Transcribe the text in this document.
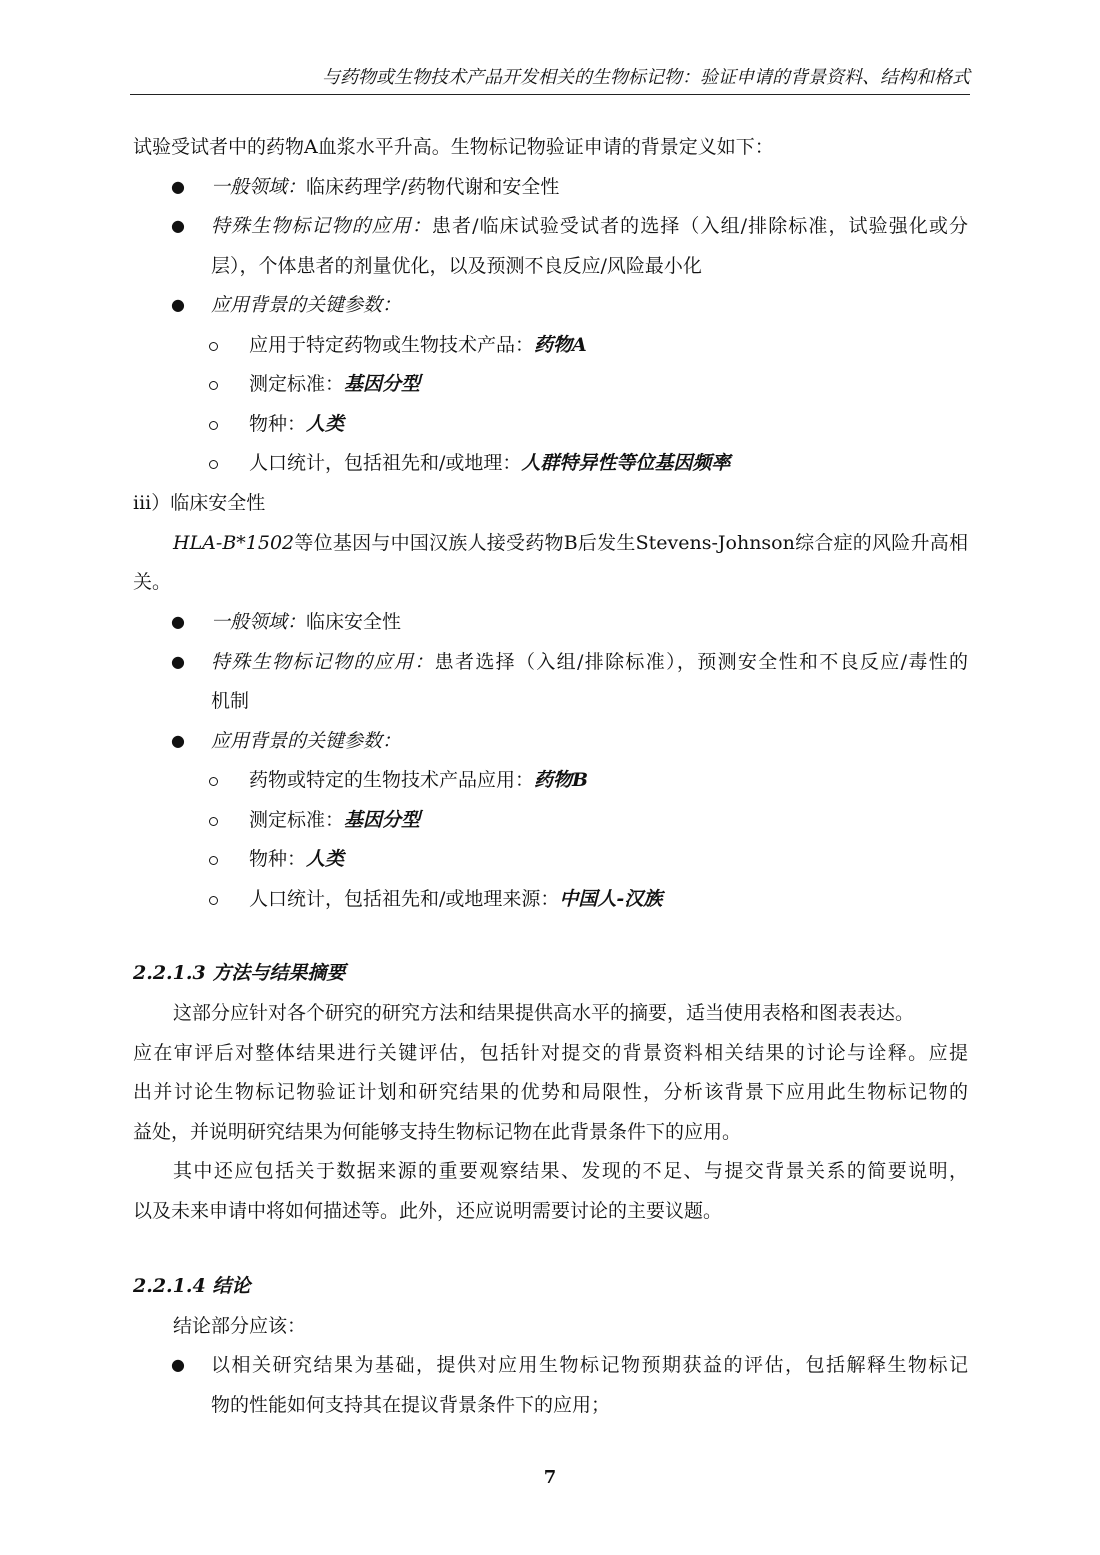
与药物或生物技术产品开发相关的生物标记物：验证申请的背景资料、结构和格式
试验受试者中的药物A血浆水平升高。生物标记物验证申请的背景定义如下：
● 一般领域：临床药理学/药物代谢和安全性
● 特殊生物标记物的应用：患者/临床试验受试者的选择（入组/排除标准，试验强化或分
层），个体患者的剂量优化，以及预测不良反应/风险最小化
● 应用背景的关键参数：
应用于特定药物或生物技术产品：药物A
测定标准：基因分型
物种：人类
人口统计，包括祖先和/或地理：人群特异性等位基因频率
iii）临床安全性
HLA-B*1502等位基因与中国汉族人接受药物B后发生Stevens-Johnson综合症的风险升高相
关。
● 一般领域：临床安全性
● 特殊生物标记物的应用：患者选择（入组/排除标准），预测安全性和不良反应/毒性的
机制
● 应用背景的关键参数：
药物或特定的生物技术产品应用：药物B
测定标准：基因分型
物种：人类
人口统计，包括祖先和/或地理来源：中国人-汉族
2.2.1.3 方法与结果摘要
这部分应针对各个研究的研究方法和结果提供高水平的摘要，适当使用表格和图表表达。
应在审评后对整体结果进行关键评估，包括针对提交的背景资料相关结果的讨论与诠释。应提
出并讨论生物标记物验证计划和研究结果的优势和局限性，分析该背景下应用此生物标记物的
益处，并说明研究结果为何能够支持生物标记物在此背景条件下的应用。
其中还应包括关于数据来源的重要观察结果、发现的不足、与提交背景关系的简要说明，
以及未来申请中将如何描述等。此外，还应说明需要讨论的主要议题。
2.2.1.4 结论
结论部分应该：
● 以相关研究结果为基础，提供对应用生物标记物预期获益的评估，包括解释生物标记
物的性能如何支持其在提议背景条件下的应用；
7
